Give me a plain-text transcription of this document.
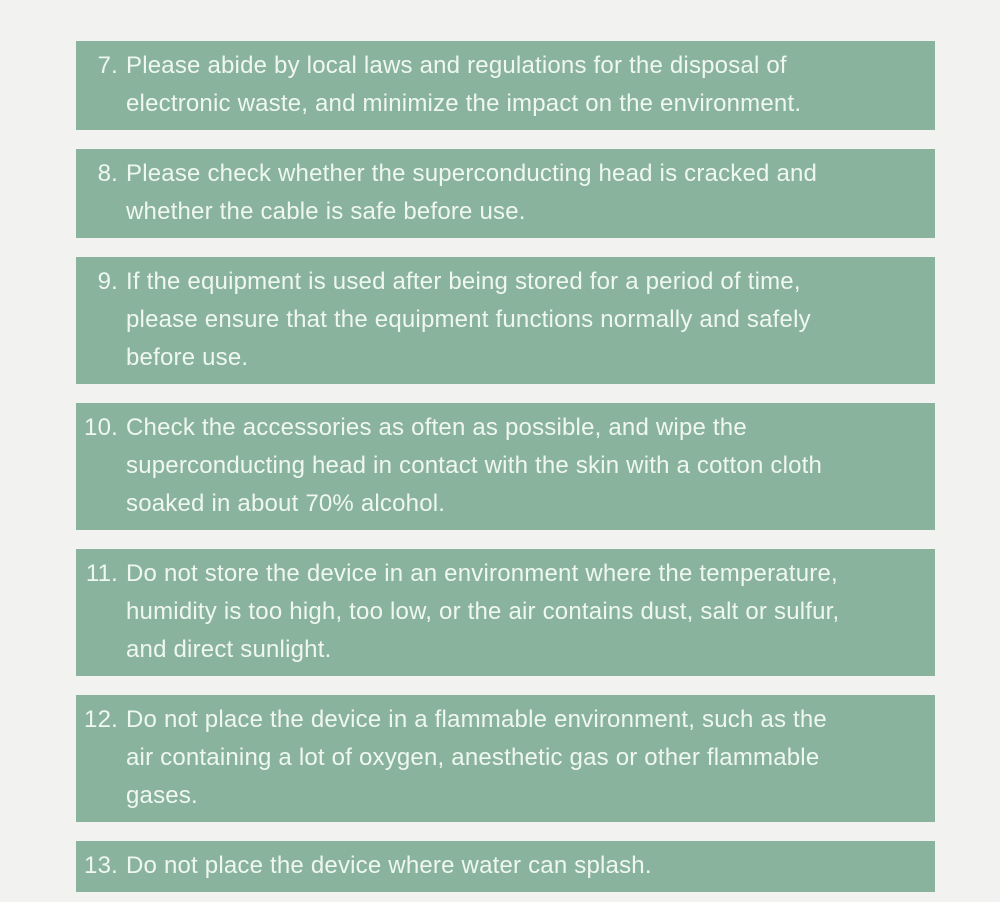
7. Please abide by local laws and regulations for the disposal of
electronic waste, and minimize the impact on the environment.
8. Please check whether the superconducting head is cracked and
whether the cable is safe before use.
9. If the equipment is used after being stored for a period of time,
please ensure that the equipment functions normally and safely
before use.
10. Check the accessories as often as possible, and wipe the
superconducting head in contact with the skin with a cotton cloth
soaked in about 70% alcohol.
11. Do not store the device in an environment where the temperature,
humidity is too high, too low, or the air contains dust, salt or sulfur,
and direct sunlight.
12. Do not place the device in a flammable environment, such as the
air containing a lot of oxygen, anesthetic gas or other flammable
gases.
13. Do not place the device where water can splash.
